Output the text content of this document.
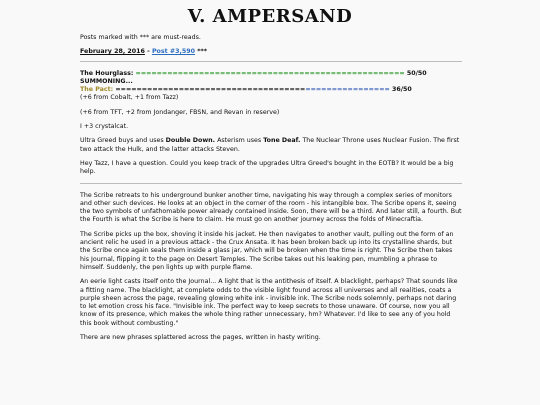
V. AMPERSAND
Posts marked with *** are must-reads.
February 28, 2016 - Post #3,590 ***
The Hourglass: =================================================== 50/50
SUMMONING...
The Pact: ==================================================== 36/50

(+6 from Cobalt, +1 from Tazz)

(+6 from TFT, +2 from Jondanger, FBSN, and Revan in reserve)

I +3 crystalcat.

Ultra Greed buys and uses Double Down. Asterism uses Tone Deaf. The Nuclear Throne uses Nuclear Fusion. The first two attack the Hulk, and the latter attacks Steven.

Hey Tazz, I have a question. Could you keep track of the upgrades Ultra Greed's bought in the EOTB? It would be a big help.

The Scribe retreats to his underground bunker another time, navigating his way through a complex series of monitors and other such devices. He looks at an object in the corner of the room - his intangible box. The Scribe opens it, seeing the two symbols of unfathomable power already contained inside. Soon, there will be a third. And later still, a fourth. But the Fourth is what the Scribe is here to claim. He must go on another journey across the folds of Minecraftia.

The Scribe picks up the box, shoving it inside his jacket. He then navigates to another vault, pulling out the form of an ancient relic he used in a previous attack - the Crux Ansata. It has been broken back up into its crystalline shards, but the Scribe once again seals them inside a glass jar, which will be broken when the time is right. The Scribe then takes his Journal, flipping it to the page on Desert Temples. The Scribe takes out his leaking pen, mumbling a phrase to himself. Suddenly, the pen lights up with purple flame.

An eerie light casts itself onto the Journal... A light that is the antithesis of itself. A blacklight, perhaps? That sounds like a fitting name. The blacklight, at complete odds to the visible light found across all universes and all realities, coats a purple sheen across the page, revealing glowing white ink - invisible ink. The Scribe nods solemnly, perhaps not daring to let emotion cross his face. "Invisible ink. The perfect way to keep secrets to those unaware. Of course, now you all know of its presence, which makes the whole thing rather unnecessary, hm? Whatever. I'd like to see any of you hold this book without combusting."

There are new phrases splattered across the pages, written in hasty writing.
